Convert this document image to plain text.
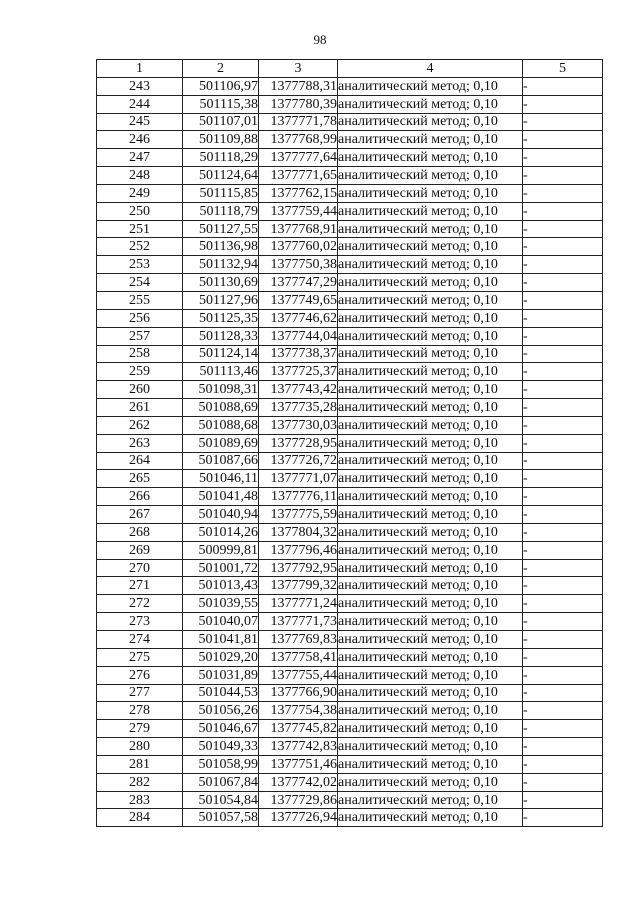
98
1	2	3	4	5
243	501106,97	1377788,31	аналитический метод; 0,10	-
244	501115,38	1377780,39	аналитический метод; 0,10	-
245	501107,01	1377771,78	аналитический метод; 0,10	-
246	501109,88	1377768,99	аналитический метод; 0,10	-
247	501118,29	1377777,64	аналитический метод; 0,10	-
248	501124,64	1377771,65	аналитический метод; 0,10	-
249	501115,85	1377762,15	аналитический метод; 0,10	-
250	501118,79	1377759,44	аналитический метод; 0,10	-
251	501127,55	1377768,91	аналитический метод; 0,10	-
252	501136,98	1377760,02	аналитический метод; 0,10	-
253	501132,94	1377750,38	аналитический метод; 0,10	-
254	501130,69	1377747,29	аналитический метод; 0,10	-
255	501127,96	1377749,65	аналитический метод; 0,10	-
256	501125,35	1377746,62	аналитический метод; 0,10	-
257	501128,33	1377744,04	аналитический метод; 0,10	-
258	501124,14	1377738,37	аналитический метод; 0,10	-
259	501113,46	1377725,37	аналитический метод; 0,10	-
260	501098,31	1377743,42	аналитический метод; 0,10	-
261	501088,69	1377735,28	аналитический метод; 0,10	-
262	501088,68	1377730,03	аналитический метод; 0,10	-
263	501089,69	1377728,95	аналитический метод; 0,10	-
264	501087,66	1377726,72	аналитический метод; 0,10	-
265	501046,11	1377771,07	аналитический метод; 0,10	-
266	501041,48	1377776,11	аналитический метод; 0,10	-
267	501040,94	1377775,59	аналитический метод; 0,10	-
268	501014,26	1377804,32	аналитический метод; 0,10	-
269	500999,81	1377796,46	аналитический метод; 0,10	-
270	501001,72	1377792,95	аналитический метод; 0,10	-
271	501013,43	1377799,32	аналитический метод; 0,10	-
272	501039,55	1377771,24	аналитический метод; 0,10	-
273	501040,07	1377771,73	аналитический метод; 0,10	-
274	501041,81	1377769,83	аналитический метод; 0,10	-
275	501029,20	1377758,41	аналитический метод; 0,10	-
276	501031,89	1377755,44	аналитический метод; 0,10	-
277	501044,53	1377766,90	аналитический метод; 0,10	-
278	501056,26	1377754,38	аналитический метод; 0,10	-
279	501046,67	1377745,82	аналитический метод; 0,10	-
280	501049,33	1377742,83	аналитический метод; 0,10	-
281	501058,99	1377751,46	аналитический метод; 0,10	-
282	501067,84	1377742,02	аналитический метод; 0,10	-
283	501054,84	1377729,86	аналитический метод; 0,10	-
284	501057,58	1377726,94	аналитический метод; 0,10	-
